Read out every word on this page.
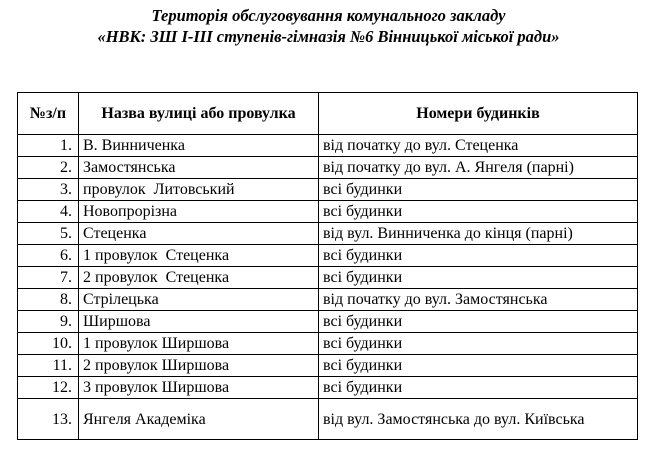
Територія обслуговування комунального закладу

«НВК: ЗШ І-ІІІ ступенів-гімназія №6 Вінницької міської ради»

№з/п	Назва вулиці або провулка	Номери будинків
1.	В. Винниченка	від початку до вул. Стеценка
2.	Замостянська	від початку до вул. А. Янгеля (парні)
3.	провулок  Литовський	всі будинки
4.	Новопрорізна	всі будинки
5.	Стеценка	від вул. Винниченка до кінця (парні)
6.	1 провулок  Стеценка	всі будинки
7.	2 провулок  Стеценка	всі будинки
8.	Стрілецька	від початку до вул. Замостянська
9.	Ширшова	всі будинки
10.	1 провулок Ширшова	всі будинки
11.	2 провулок Ширшова	всі будинки
12.	3 провулок Ширшова	всі будинки
13.	Янгеля Академіка	від вул. Замостянська до вул. Київська
